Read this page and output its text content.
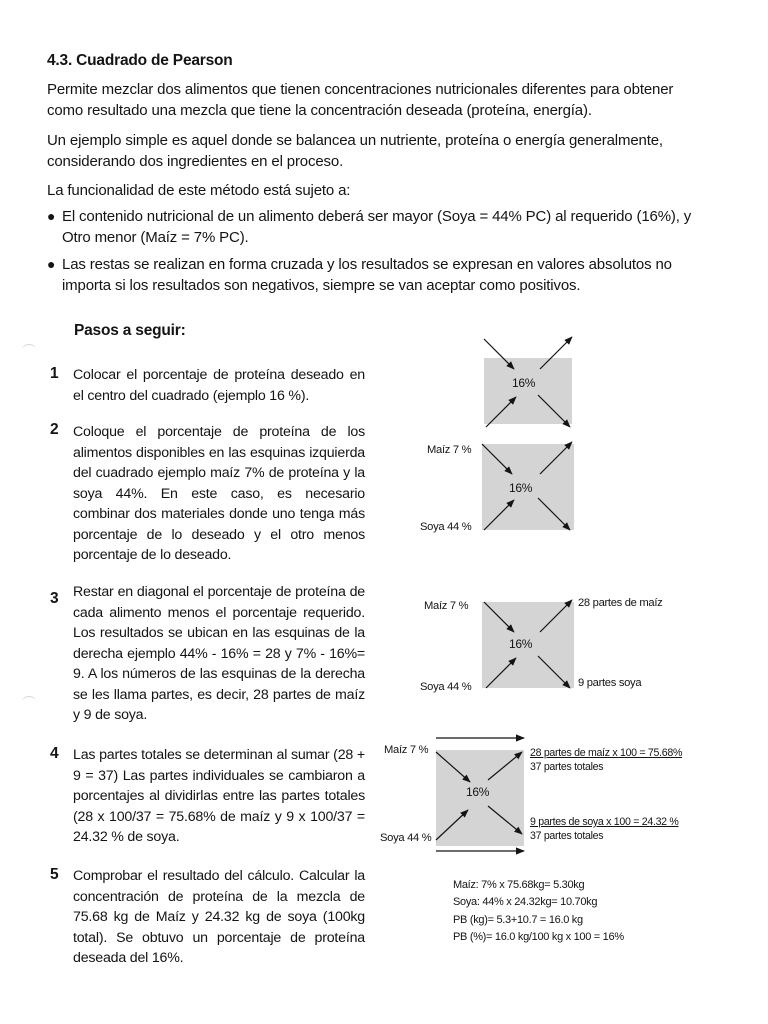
4.3. Cuadrado de Pearson
Permite mezclar dos alimentos que tienen concentraciones nutricionales diferentes para obtener como resultado una mezcla que tiene la concentración deseada (proteína, energía).
Un ejemplo simple es aquel donde se balancea un nutriente, proteína o energía generalmente, considerando dos ingredientes en el proceso.
La funcionalidad de este método está sujeto a:
● El contenido nutricional de un alimento deberá ser mayor (Soya = 44% PC) al requerido (16%), y Otro menor (Maíz = 7% PC).
● Las restas se realizan en forma cruzada y los resultados se expresan en valores absolutos no importa si los resultados son negativos, siempre se van aceptar como positivos.
Pasos a seguir:
1 Colocar el porcentaje de proteína deseado en el centro del cuadrado (ejemplo 16 %).
2 Coloque el porcentaje de proteína de los alimentos disponibles en las esquinas izquierda del cuadrado ejemplo maíz 7% de proteína y la soya 44%. En este caso, es necesario combinar dos materiales donde uno tenga más porcentaje de lo deseado y el otro menos porcentaje de lo deseado.
3 Restar en diagonal el porcentaje de proteína de cada alimento menos el porcentaje requerido. Los resultados se ubican en las esquinas de la derecha ejemplo 44% - 16% = 28 y 7% - 16%= 9. A los números de las esquinas de la derecha se les llama partes, es decir, 28 partes de maíz y 9 de soya.
4 Las partes totales se determinan al sumar (28 + 9 = 37) Las partes individuales se cambiaron a porcentajes al dividirlas entre las partes totales (28 x 100/37 = 75.68% de maíz y 9 x 100/37 = 24.32 % de soya.
5 Comprobar el resultado del cálculo. Calcular la concentración de proteína de la mezcla de 75.68 kg de Maíz y 24.32 kg de soya (100kg total). Se obtuvo un porcentaje de proteína deseada del 16%.
16%
Maíz 7 %
Soya 44 %
16%
Maíz 7 %
Soya 44 %
28 partes de maíz
9 partes soya
16%
Maíz 7 %
Soya 44 %
16%
28 partes de maíz x 100 = 75.68%
37 partes totales
9 partes de soya x 100 = 24.32 %
37 partes totales
Maíz: 7% x 75.68kg= 5.30kg
Soya: 44% x 24.32kg= 10.70kg
PB (kg)= 5.3+10.7 = 16.0 kg
PB (%)= 16.0 kg/100 kg x 100 = 16%
